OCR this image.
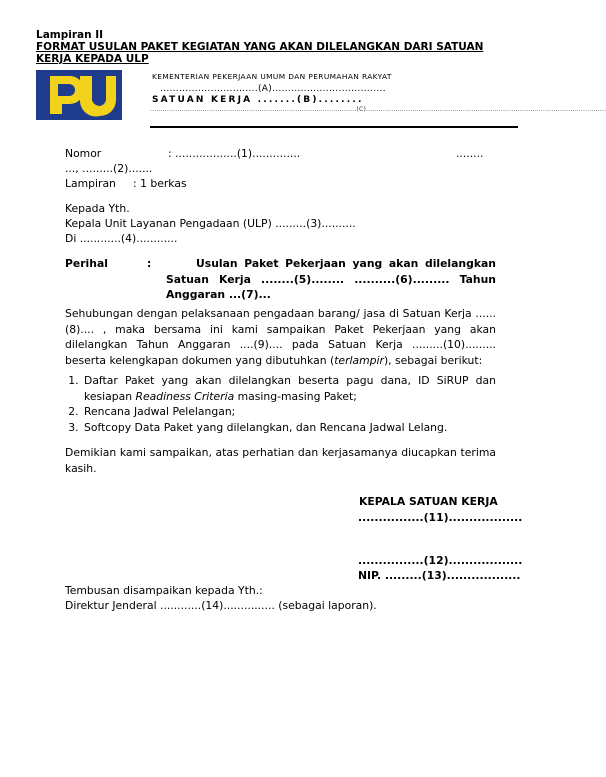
Lampiran II
FORMAT USULAN PAKET KEGIATAN YANG AKAN DILELANGKAN DARI SATUAN KERJA KEPADA ULP
KEMENTERIAN PEKERJAAN UMUM DAN PERUMAHAN RAKYAT
...............................(A)....................................
SATUAN KERJA .......(B)........
..................................................................................................(C)..................................................................................................................
Nomor	: ..................(1)..............	........
..., .........(2).......
Lampiran : 1 berkas
Kepada Yth.
Kepala Unit Layanan Pengadaan (ULP) .........(3)..........
Di ............(4)............
Perihal	:	Usulan Paket Pekerjaan yang akan dilelangkan Satuan Kerja ........(5)........ ..........(6)......... Tahun Anggaran ...(7)...
Sehubungan dengan pelaksanaan pengadaan barang/ jasa di Satuan Kerja ......(8).... , maka bersama ini kami sampaikan Paket Pekerjaan yang akan dilelangkan Tahun Anggaran ....(9).... pada Satuan Kerja .........(10)......... beserta kelengkapan dokumen yang dibutuhkan (terlampir), sebagai berikut:
1. Daftar Paket yang akan dilelangkan beserta pagu dana, ID SiRUP dan kesiapan Readiness Criteria masing-masing Paket;
2. Rencana Jadwal Pelelangan;
3. Softcopy Data Paket yang dilelangkan, dan Rencana Jadwal Lelang.
Demikian kami sampaikan, atas perhatian dan kerjasamanya diucapkan terima kasih.
KEPALA SATUAN KERJA
................(11)..................
................(12)..................
NIP. .........(13)..................
Tembusan disampaikan kepada Yth.:
Direktur Jenderal ............(14)............... (sebagai laporan).
